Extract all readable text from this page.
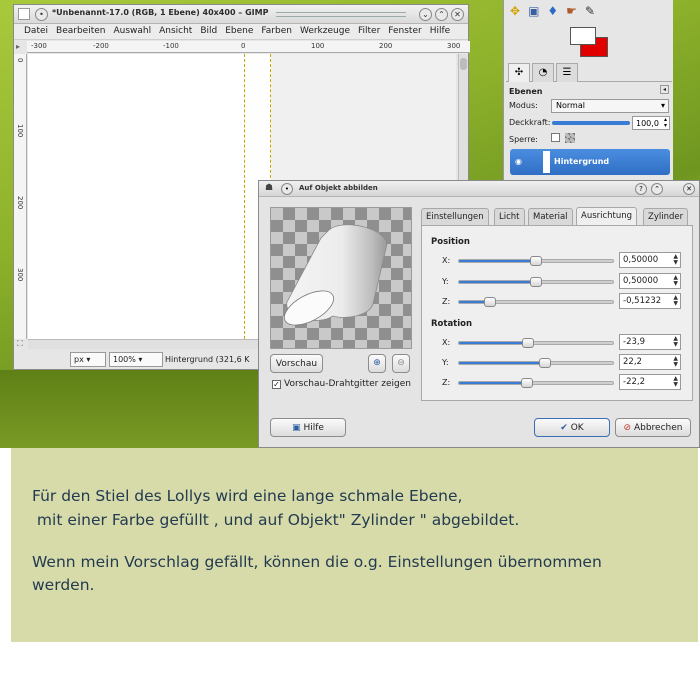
•	*Unbenannt-17.0 (RGB, 1 Ebene) 40x400 – GIMP	⌄	⌃	✕
Datei Bearbeiten Auswahl Ansicht Bild Ebene Farben Werkzeuge Filter Fenster Hilfe
-300	-200	-100	0	100	200	300
▸
0
100
200
300
⛶
px ▾	100% ▾	Hintergrund (321,6 K
✥ ▣ ♦ ☛ ✎
✣	◔	☰
Ebenen	◂
Modus:	Normal	▾
Deckkraft:	100,0 ▴
▾
Sperre:
◉	Hintergrund
☗	•	Auf Objekt abbilden	?	⌃	✕
Vorschau	⊕	⊖
✓ Vorschau-Drahtgitter zeigen
Einstellungen	Licht	Material	Ausrichtung	Zylinder
Position
X:	0,50000	▲
▼
Y:	0,50000	▲
▼
Z:	-0,51232 ▲
▼
Rotation
X:	-23,9	▲
▼
Y:	22,2	▲
▼
Z:	-22,2	▲
▼
▣ Hilfe	✔ OK	⊘ Abbrechen

Für den Stiel des Lollys wird eine lange schmale Ebene,

mit einer Farbe gefüllt , und auf Objekt" Zylinder " abgebildet.

Wenn mein Vorschlag gefällt, können die o.g. Einstellungen übernommen

werden.
